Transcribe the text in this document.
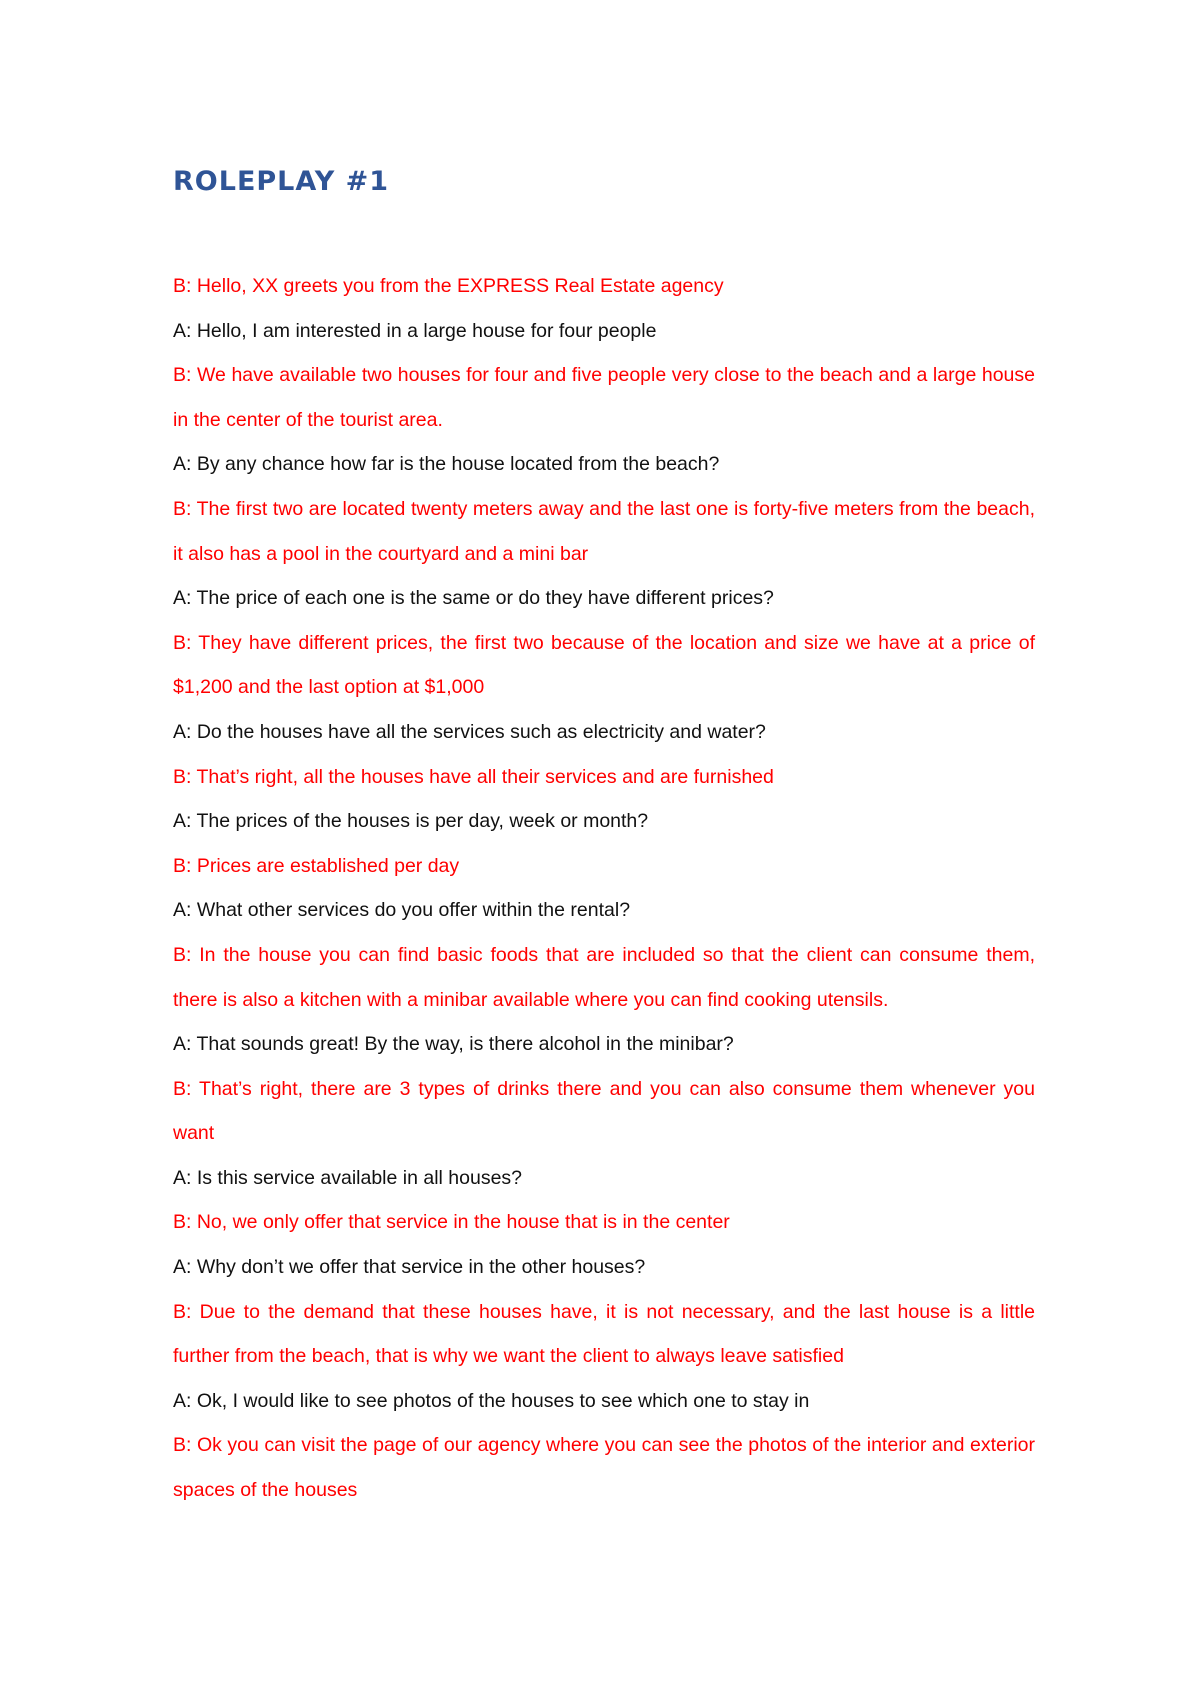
ROLEPLAY #1
B: Hello, XX greets you from the EXPRESS Real Estate agency
A: Hello, I am interested in a large house for four people
B: We have available two houses for four and five people very close to the beach and a large house in the center of the tourist area.
A: By any chance how far is the house located from the beach?
B: The first two are located twenty meters away and the last one is forty-five meters from the beach, it also has a pool in the courtyard and a mini bar
A: The price of each one is the same or do they have different prices?
B: They have different prices, the first two because of the location and size we have at a price of $1,200 and the last option at $1,000
A: Do the houses have all the services such as electricity and water?
B: That’s right, all the houses have all their services and are furnished
A: The prices of the houses is per day, week or month?
B: Prices are established per day
A: What other services do you offer within the rental?
B: In the house you can find basic foods that are included so that the client can consume them, there is also a kitchen with a minibar available where you can find cooking utensils.
A: That sounds great! By the way, is there alcohol in the minibar?
B: That’s right, there are 3 types of drinks there and you can also consume them whenever you want
A: Is this service available in all houses?
B: No, we only offer that service in the house that is in the center
A: Why don’t we offer that service in the other houses?
B: Due to the demand that these houses have, it is not necessary, and the last house is a little further from the beach, that is why we want the client to always leave satisfied
A: Ok, I would like to see photos of the houses to see which one to stay in
B: Ok you can visit the page of our agency where you can see the photos of the interior and exterior spaces of the houses
